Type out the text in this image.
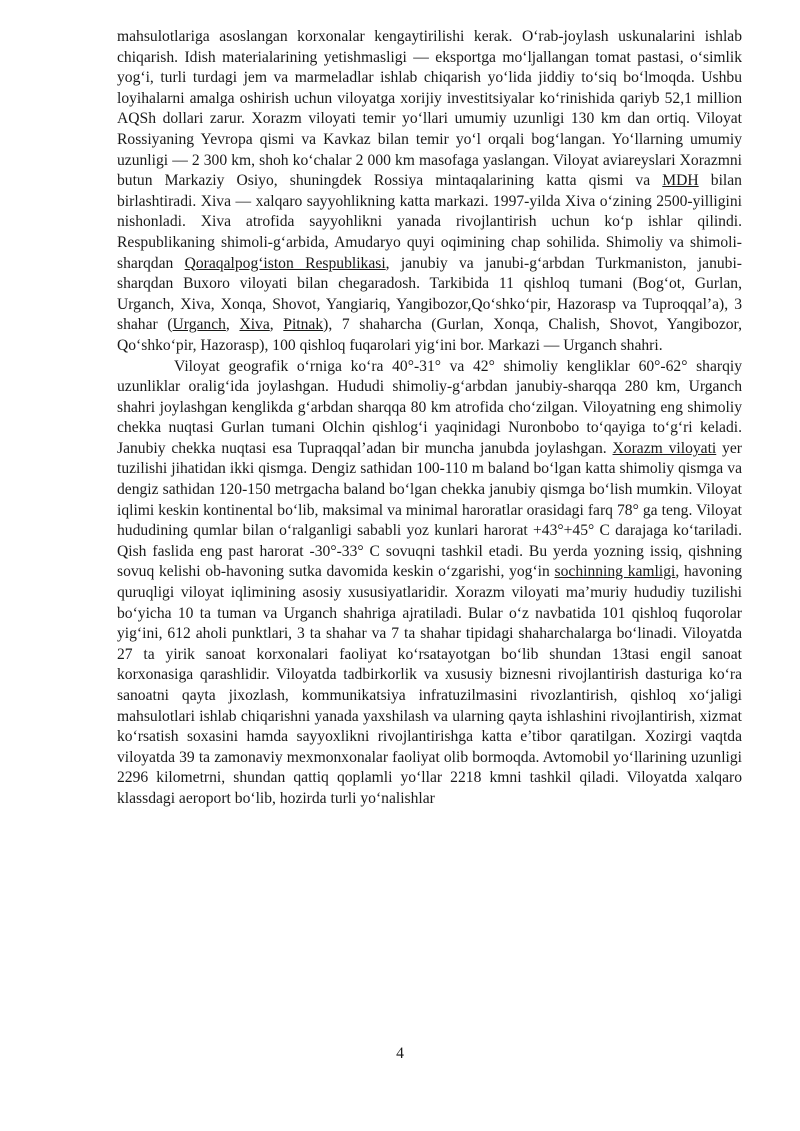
mahsulotlariga asoslangan korxonalar kengaytirilishi kerak. O‘rab-joylash uskunalarini ishlab chiqarish. Idish materialarining yetishmasligi — eksportga mo‘ljallangan tomat pastasi, o‘simlik yog‘i, turli turdagi jem va marmeladlar ishlab chiqarish yo‘lida jiddiy to‘siq bo‘lmoqda. Ushbu loyihalarni amalga oshirish uchun viloyatga xorijiy investitsiyalar ko‘rinishida qariyb 52,1 million AQSh dollari zarur. Xorazm viloyati temir yo‘llari umumiy uzunligi 130 km dan ortiq. Viloyat Rossiyaning Yevropa qismi va Kavkaz bilan temir yo‘l orqali bog‘langan. Yo‘llarning umumiy uzunligi — 2 300 km, shoh ko‘chalar 2 000 km masofaga yaslangan. Viloyat aviareyslari Xorazmni butun Markaziy Osiyo, shuningdek Rossiya mintaqalarining katta qismi va MDH bilan birlashtiradi. Xiva — xalqaro sayyohlikning katta markazi. 1997-yilda Xiva o‘zining 2500-yilligini nishonladi. Xiva atrofida sayyohlikni yanada rivojlantirish uchun ko‘p ishlar qilindi. Respublikaning shimoli-g‘arbida, Amudaryo quyi oqimining chap sohilida. Shimoliy va shimoli-sharqdan Qoraqalpog‘iston Respublikasi, janubiy va janubi-g‘arbdan Turkmaniston, janubi-sharqdan Buxoro viloyati bilan chegaradosh. Tarkibida 11 qishloq tumani (Bog‘ot, Gurlan, Urganch, Xiva, Xonqa, Shovot, Yangiariq, Yangibozor,Qo‘shko‘pir, Hazorasp va Tuproqqal’a), 3 shahar (Urganch, Xiva, Pitnak), 7 shaharcha (Gurlan, Xonqa, Chalish, Shovot, Yangibozor, Qo‘shko‘pir, Hazorasp), 100 qishloq fuqarolari yig‘ini bor. Markazi — Urganch shahri.

Viloyat geografik o‘rniga ko‘ra 40°-31° va 42° shimoliy kengliklar 60°-62° sharqiy uzunliklar oralig‘ida joylashgan. Hududi shimoliy-g‘arbdan janubiy-sharqqa 280 km, Urganch shahri joylashgan kenglikda g‘arbdan sharqqa 80 km atrofida cho‘zilgan. Viloyatning eng shimoliy chekka nuqtasi Gurlan tumani Olchin qishlog‘i yaqinidagi Nuronbobo to‘qayiga to‘g‘ri keladi. Janubiy chekka nuqtasi esa Tupraqqal’adan bir muncha janubda joylashgan. Xorazm viloyati yer tuzilishi jihatidan ikki qismga. Dengiz sathidan 100-110 m baland bo‘lgan katta shimoliy qismga va dengiz sathidan 120-150 metrgacha baland bo‘lgan chekka janubiy qismga bo‘lish mumkin. Viloyat iqlimi keskin kontinental bo‘lib, maksimal va minimal haroratlar orasidagi farq 78° ga teng. Viloyat hududining qumlar bilan o‘ralganligi sababli yoz kunlari harorat +43°+45° C darajaga ko‘tariladi. Qish faslida eng past harorat -30°-33° C sovuqni tashkil etadi. Bu yerda yozning issiq, qishning sovuq kelishi ob-havoning sutka davomida keskin o‘zgarishi, yog‘in sochinning kamligi, havoning quruqligi viloyat iqlimining asosiy xususiyatlaridir. Xorazm viloyati ma’muriy hududiy tuzilishi bo‘yicha 10 ta tuman va Urganch shahriga ajratiladi. Bular o‘z navbatida 101 qishloq fuqorolar yig‘ini, 612 aholi punktlari, 3 ta shahar va 7 ta shahar tipidagi shaharchalarga bo‘linadi. Viloyatda 27 ta yirik sanoat korxonalari faoliyat ko‘rsatayotgan bo‘lib shundan 13tasi engil sanoat korxonasiga qarashlidir. Viloyatda tadbirkorlik va xususiy biznesni rivojlantirish dasturiga ko‘ra sanoatni qayta jixozlash, kommunikatsiya infratuzilmasini rivozlantirish, qishloq xo‘jaligi mahsulotlari ishlab chiqarishni yanada yaxshilash va ularning qayta ishlashini rivojlantirish, xizmat ko‘rsatish soxasini hamda sayyoxlikni rivojlantirishga katta e’tibor qaratilgan. Xozirgi vaqtda viloyatda 39 ta zamonaviy mexmonxonalar faoliyat olib bormoqda. Avtomobil yo‘llarining uzunligi 2296 kilometrni, shundan qattiq qoplamli yo‘llar 2218 kmni tashkil qiladi. Viloyatda xalqaro klassdagi aeroport bo‘lib, hozirda turli yo‘nalishlar

4
